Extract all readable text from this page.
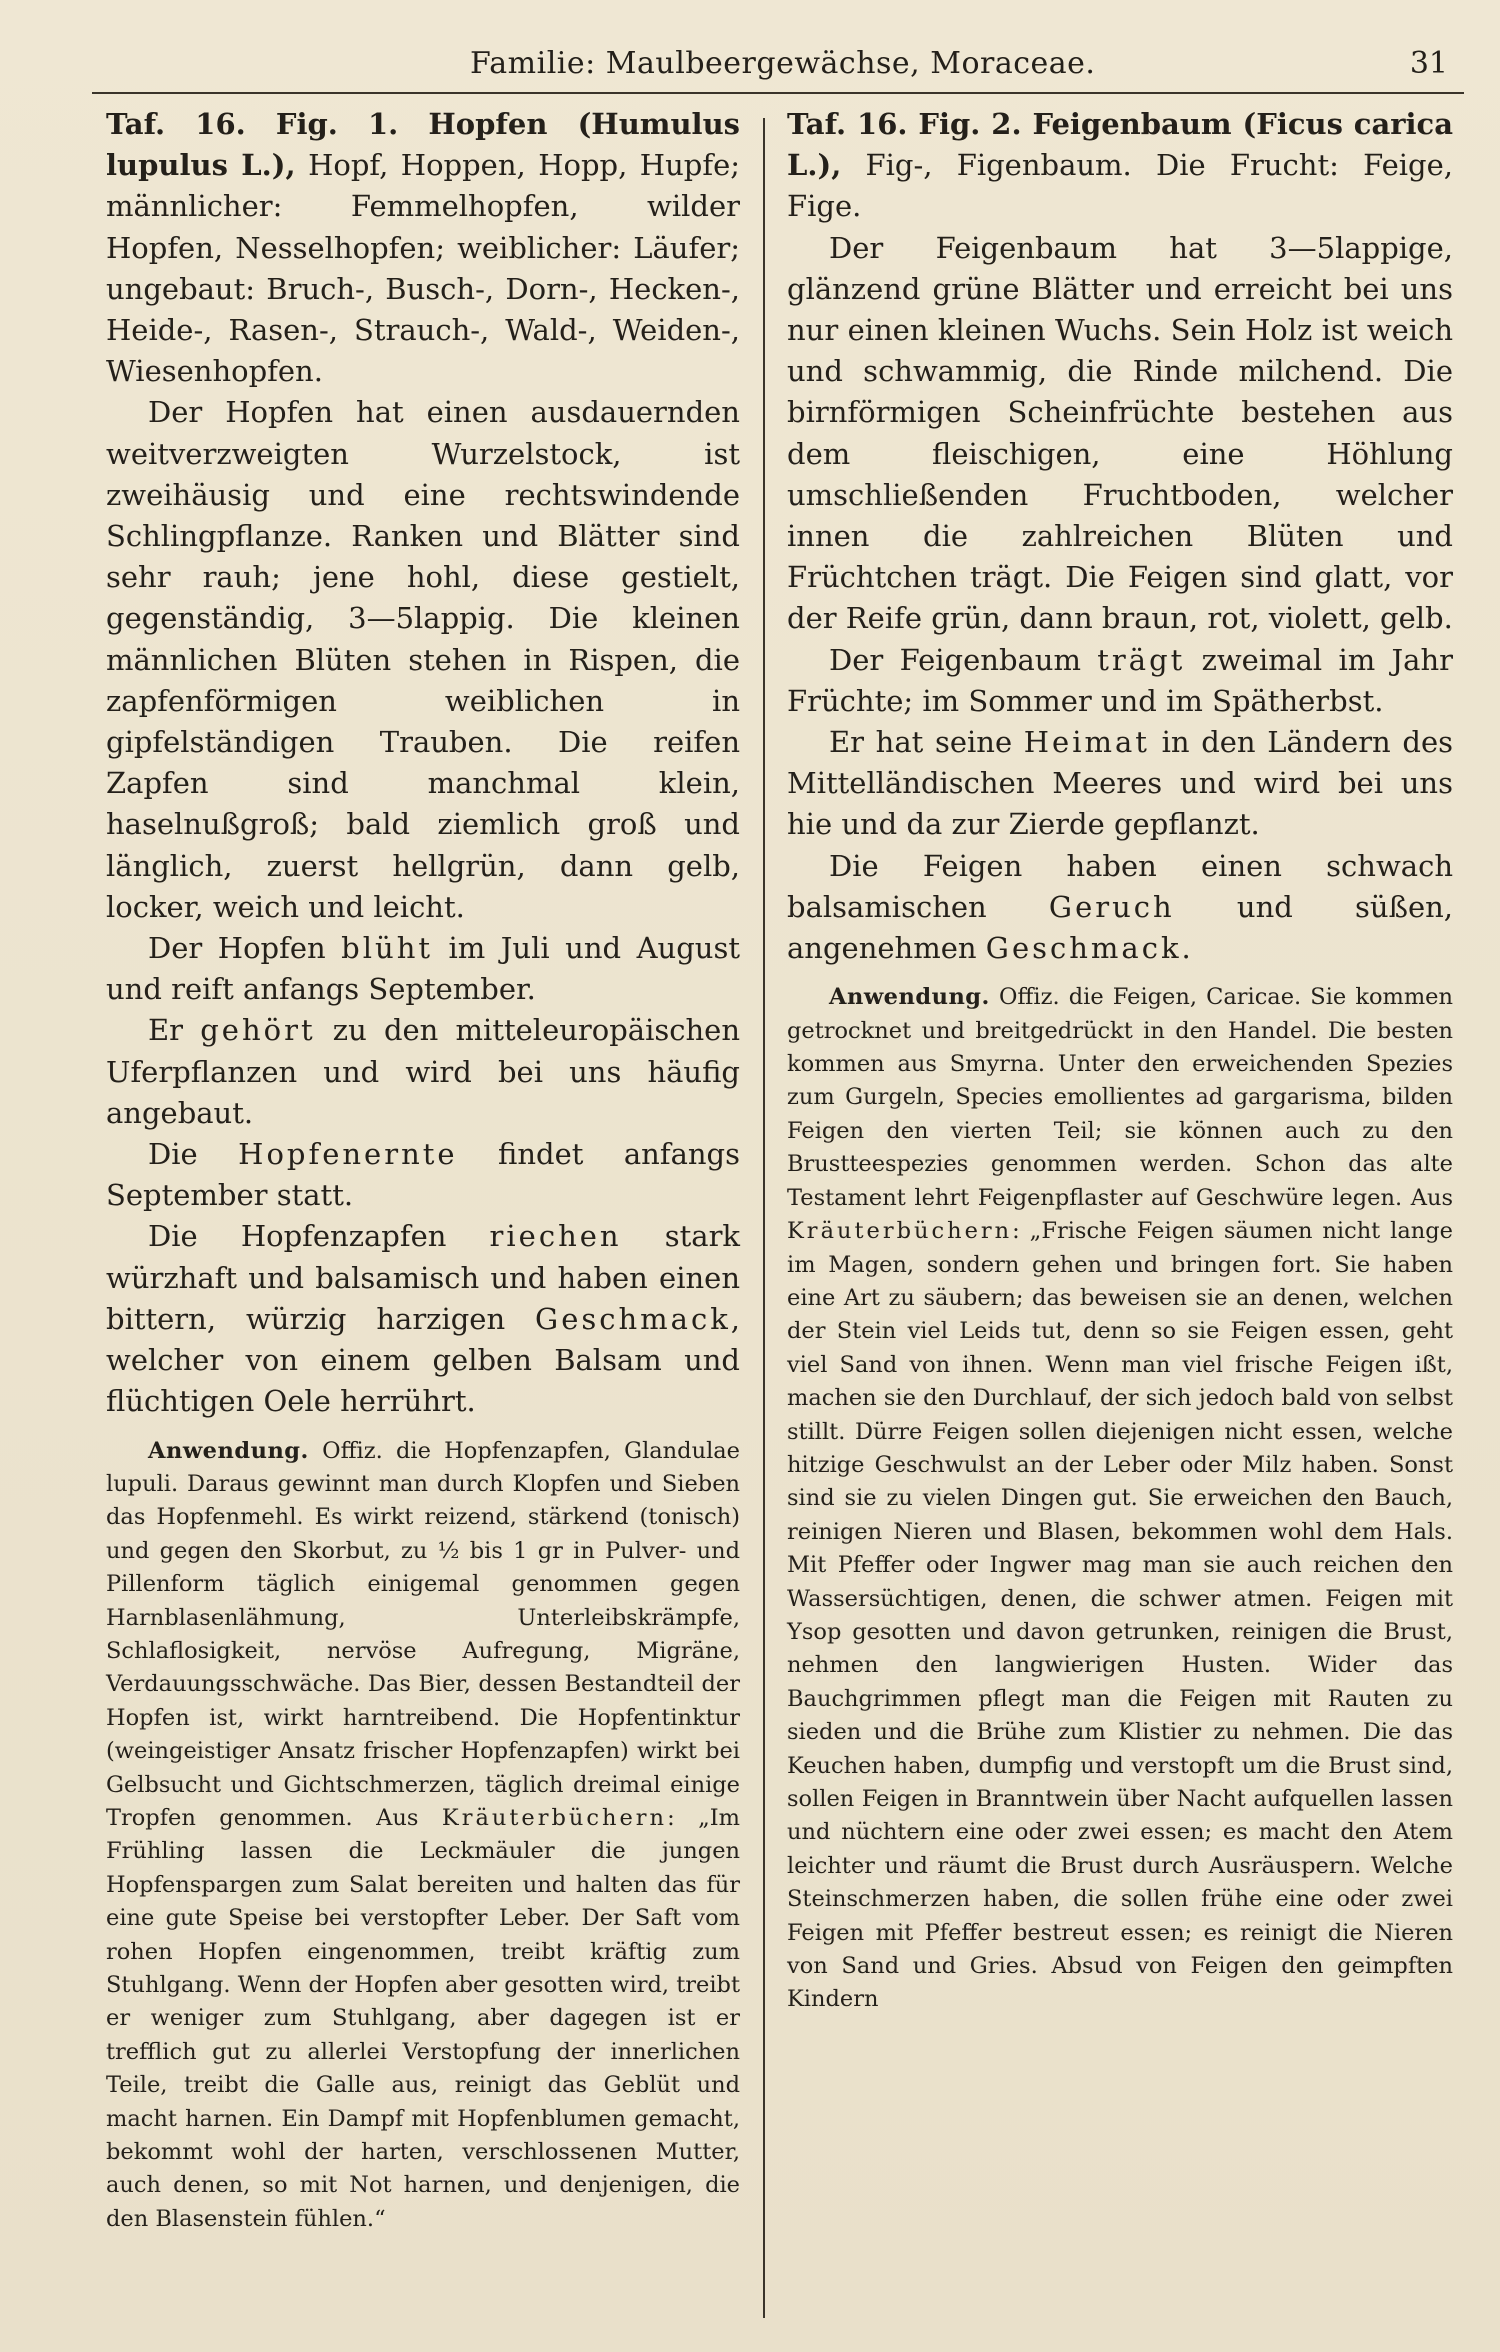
Familie: Maulbeergewächse, Moraceae.	31

Taf. 16. Fig. 1. Hopfen (Humulus lupulus L.), Hopf, Hoppen, Hopp, Hupfe; männlicher: Femmelhopfen, wilder Hopfen, Nesselhopfen; weiblicher: Läufer; ungebaut: Bruch-, Busch-, Dorn-, Hecken-, Heide-, Rasen-, Strauch-, Wald-, Weiden-, Wiesenhopfen.

Der Hopfen hat einen ausdauernden weitverzweigten Wurzelstock, ist zweihäusig und eine rechtswindende Schlingpflanze. Ranken und Blätter sind sehr rauh; jene hohl, diese gestielt, gegenständig, 3—5lappig. Die kleinen männlichen Blüten stehen in Rispen, die zapfenförmigen weiblichen in gipfelständigen Trauben. Die reifen Zapfen sind manchmal klein, haselnußgroß; bald ziemlich groß und länglich, zuerst hellgrün, dann gelb, locker, weich und leicht.

Der Hopfen blüht im Juli und August und reift anfangs September.

Er gehört zu den mitteleuropäischen Uferpflanzen und wird bei uns häufig angebaut.

Die Hopfenernte findet anfangs September statt.

Die Hopfenzapfen riechen stark würzhaft und balsamisch und haben einen bittern, würzig harzigen Geschmack, welcher von einem gelben Balsam und flüchtigen Oele herrührt.

Anwendung. Offiz. die Hopfenzapfen, Glandulae lupuli. Daraus gewinnt man durch Klopfen und Sieben das Hopfenmehl. Es wirkt reizend, stärkend (tonisch) und gegen den Skorbut, zu ½ bis 1 gr in Pulver- und Pillenform täglich einigemal genommen gegen Harnblasenlähmung, Unterleibskrämpfe, Schlaflosigkeit, nervöse Aufregung, Migräne, Verdauungsschwäche. Das Bier, dessen Bestandteil der Hopfen ist, wirkt harntreibend. Die Hopfentinktur (weingeistiger Ansatz frischer Hopfenzapfen) wirkt bei Gelbsucht und Gichtschmerzen, täglich dreimal einige Tropfen genommen. Aus Kräuterbüchern: „Im Frühling lassen die Leckmäuler die jungen Hopfenspargen zum Salat bereiten und halten das für eine gute Speise bei verstopfter Leber. Der Saft vom rohen Hopfen eingenommen, treibt kräftig zum Stuhlgang. Wenn der Hopfen aber gesotten wird, treibt er weniger zum Stuhlgang, aber dagegen ist er trefflich gut zu allerlei Verstopfung der innerlichen Teile, treibt die Galle aus, reinigt das Geblüt und macht harnen. Ein Dampf mit Hopfenblumen gemacht, bekommt wohl der harten, verschlossenen Mutter, auch denen, so mit Not harnen, und denjenigen, die den Blasenstein fühlen.“

Taf. 16. Fig. 2. Feigenbaum (Ficus carica L.), Fig-, Figenbaum. Die Frucht: Feige, Fige.

Der Feigenbaum hat 3—5lappige, glänzend grüne Blätter und erreicht bei uns nur einen kleinen Wuchs. Sein Holz ist weich und schwammig, die Rinde milchend. Die birnförmigen Scheinfrüchte bestehen aus dem fleischigen, eine Höhlung umschließenden Fruchtboden, welcher innen die zahlreichen Blüten und Früchtchen trägt. Die Feigen sind glatt, vor der Reife grün, dann braun, rot, violett, gelb.

Der Feigenbaum trägt zweimal im Jahr Früchte; im Sommer und im Spätherbst.

Er hat seine Heimat in den Ländern des Mittelländischen Meeres und wird bei uns hie und da zur Zierde gepflanzt.

Die Feigen haben einen schwach balsamischen Geruch und süßen, angenehmen Geschmack.

Anwendung. Offiz. die Feigen, Caricae. Sie kommen getrocknet und breitgedrückt in den Handel. Die besten kommen aus Smyrna. Unter den erweichenden Spezies zum Gurgeln, Species emollientes ad gargarisma, bilden Feigen den vierten Teil; sie können auch zu den Brustteespezies genommen werden. Schon das alte Testament lehrt Feigenpflaster auf Geschwüre legen. Aus Kräuterbüchern: „Frische Feigen säumen nicht lange im Magen, sondern gehen und bringen fort. Sie haben eine Art zu säubern; das beweisen sie an denen, welchen der Stein viel Leids tut, denn so sie Feigen essen, geht viel Sand von ihnen. Wenn man viel frische Feigen ißt, machen sie den Durchlauf, der sich jedoch bald von selbst stillt. Dürre Feigen sollen diejenigen nicht essen, welche hitzige Geschwulst an der Leber oder Milz haben. Sonst sind sie zu vielen Dingen gut. Sie erweichen den Bauch, reinigen Nieren und Blasen, bekommen wohl dem Hals. Mit Pfeffer oder Ingwer mag man sie auch reichen den Wassersüchtigen, denen, die schwer atmen. Feigen mit Ysop gesotten und davon getrunken, reinigen die Brust, nehmen den langwierigen Husten. Wider das Bauchgrimmen pflegt man die Feigen mit Rauten zu sieden und die Brühe zum Klistier zu nehmen. Die das Keuchen haben, dumpfig und verstopft um die Brust sind, sollen Feigen in Branntwein über Nacht aufquellen lassen und nüchtern eine oder zwei essen; es macht den Atem leichter und räumt die Brust durch Ausräuspern. Welche Steinschmerzen haben, die sollen frühe eine oder zwei Feigen mit Pfeffer bestreut essen; es reinigt die Nieren von Sand und Gries. Absud von Feigen den geimpften Kindern
